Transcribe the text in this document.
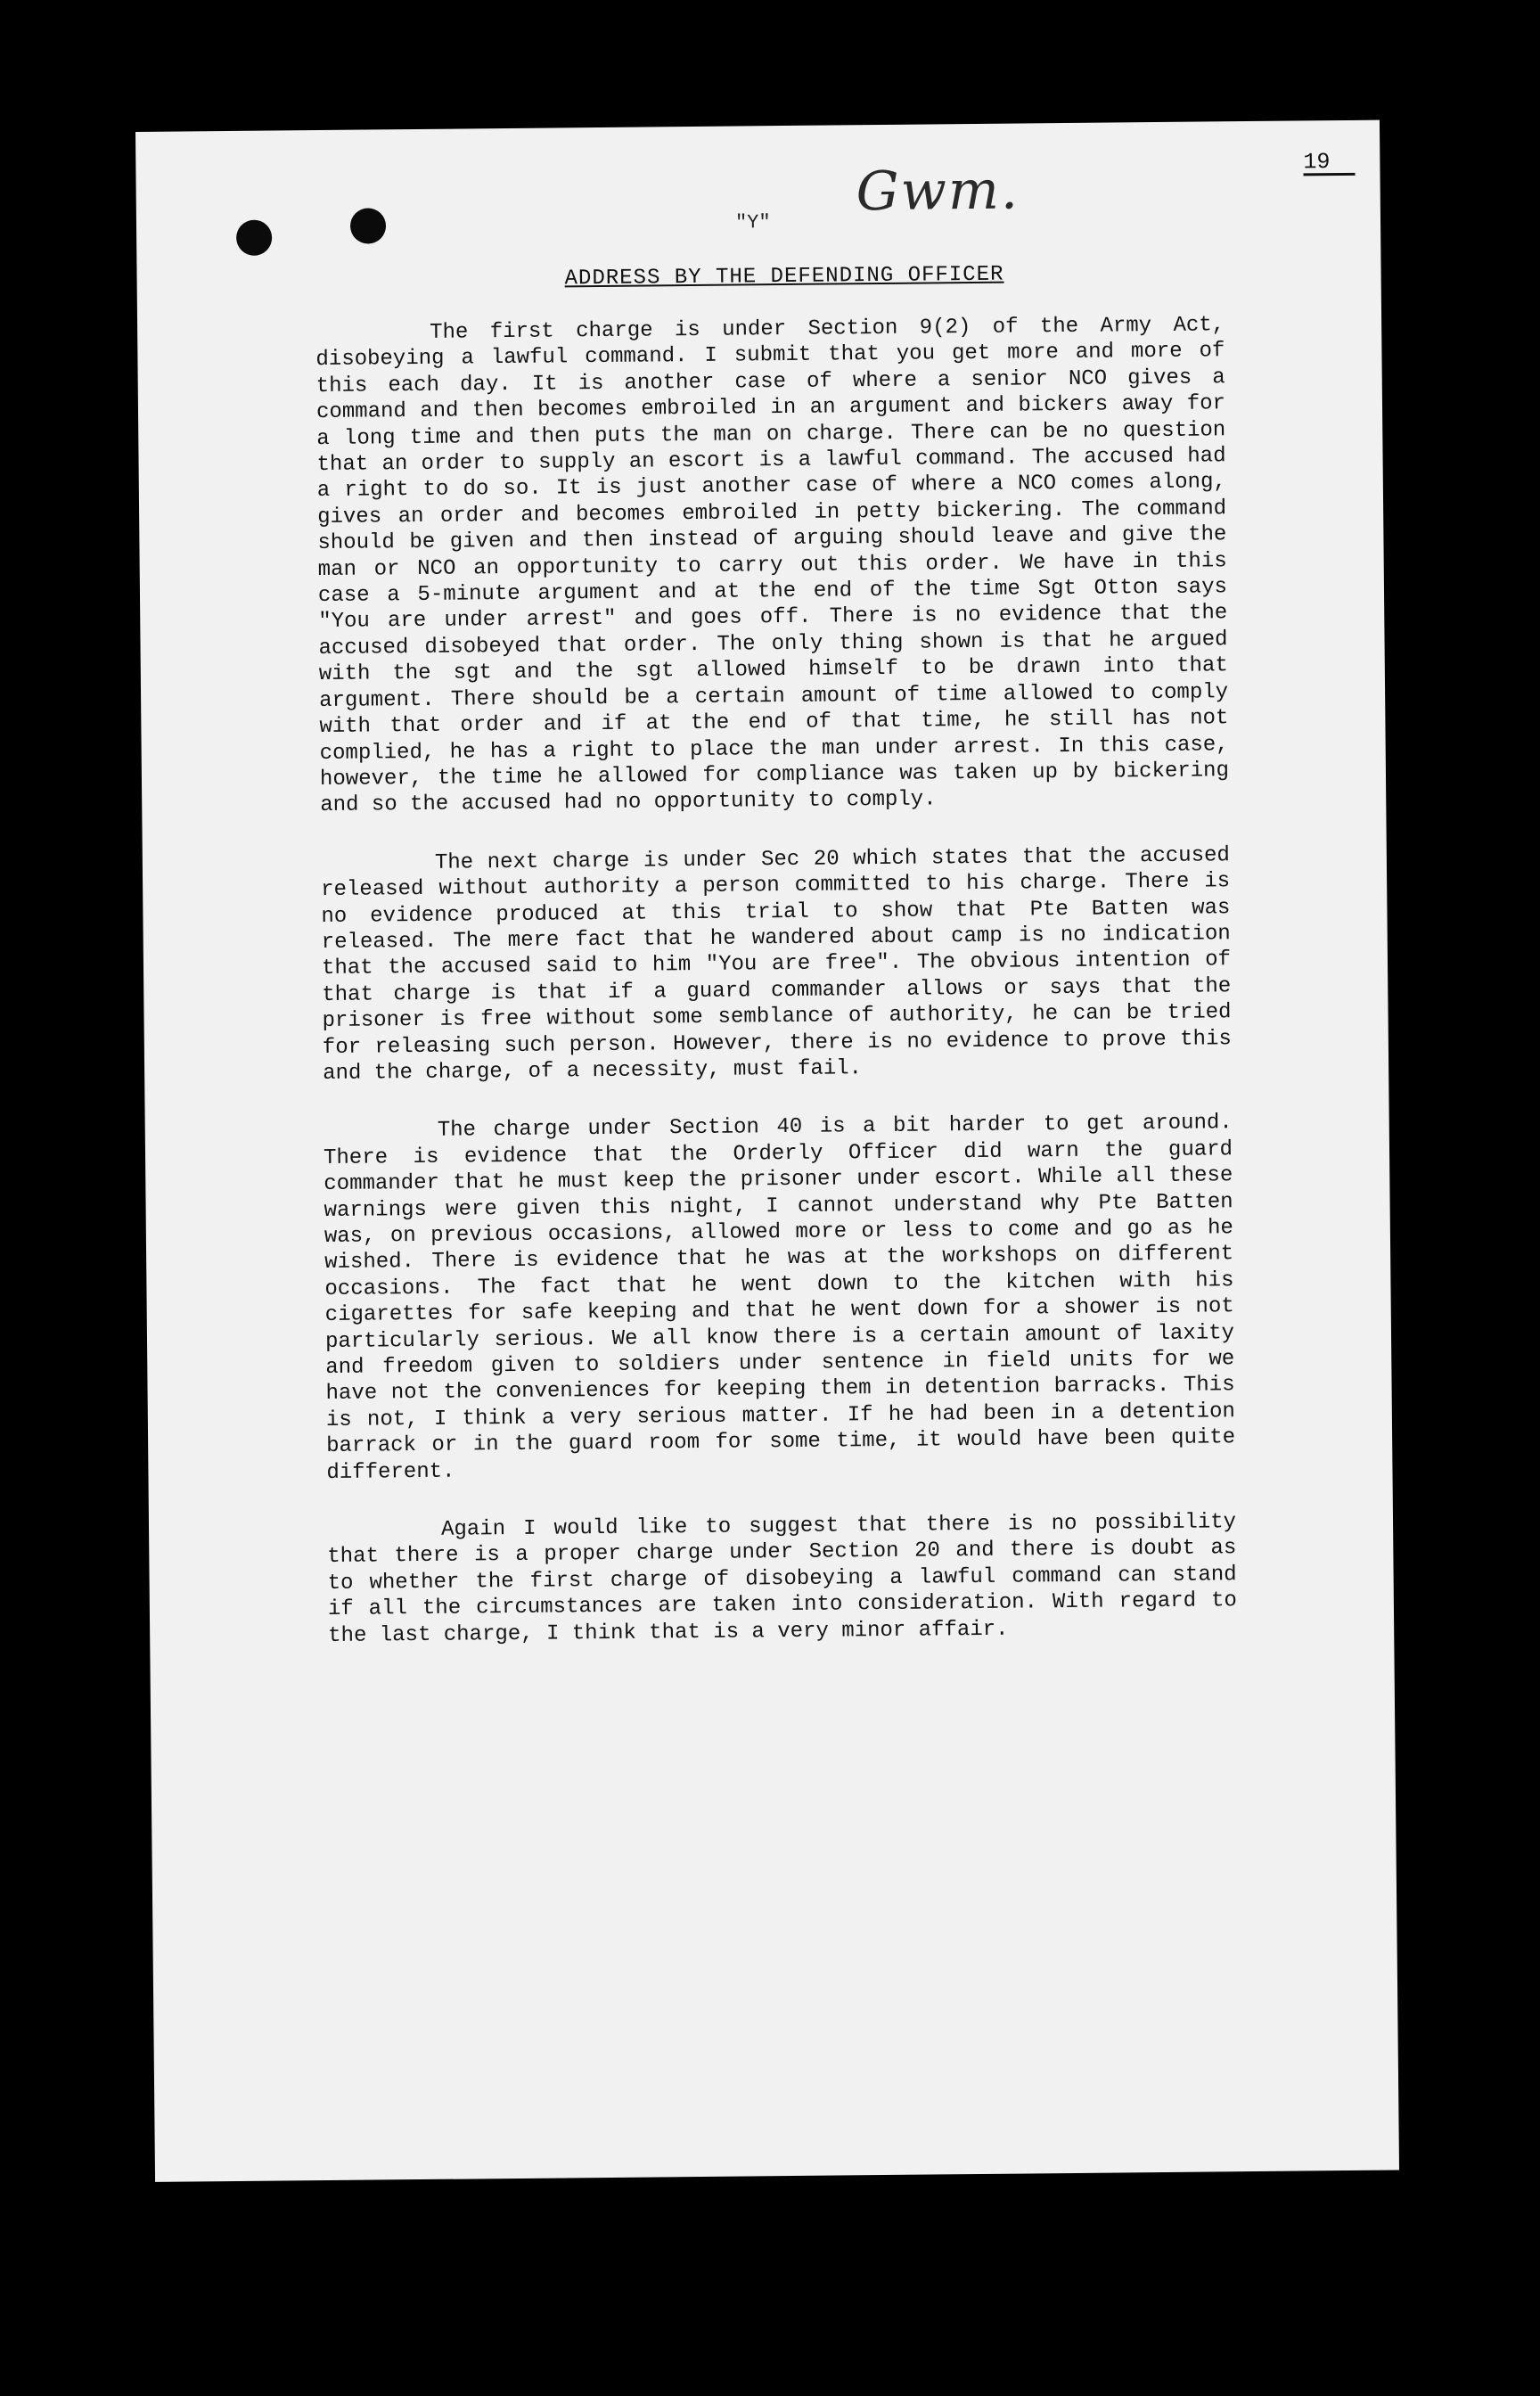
19
Gwm.
"Y"
ADDRESS BY THE DEFENDING OFFICER

The first charge is under Section 9(2) of the Army Act, disobeying a lawful command. I submit that you get more and more of this each day. It is another case of where a senior NCO gives a command and then becomes embroiled in an argument and bickers away for a long time and then puts the man on charge. There can be no question that an order to supply an escort is a lawful command. The accused had a right to do so. It is just another case of where a NCO comes along, gives an order and becomes embroiled in petty bickering. The command should be given and then instead of arguing should leave and give the man or NCO an opportunity to carry out this order. We have in this case a 5-minute argument and at the end of the time Sgt Otton says "You are under arrest" and goes off. There is no evidence that the accused disobeyed that order. The only thing shown is that he argued with the sgt and the sgt allowed himself to be drawn into that argument. There should be a certain amount of time allowed to comply with that order and if at the end of that time, he still has not complied, he has a right to place the man under arrest. In this case, however, the time he allowed for compliance was taken up by bickering and so the accused had no opportunity to comply.

The next charge is under Sec 20 which states that the accused released without authority a person committed to his charge. There is no evidence produced at this trial to show that Pte Batten was released. The mere fact that he wandered about camp is no indication that the accused said to him "You are free". The obvious intention of that charge is that if a guard commander allows or says that the prisoner is free without some semblance of authority, he can be tried for releasing such person. However, there is no evidence to prove this and the charge, of a necessity, must fail.

The charge under Section 40 is a bit harder to get around. There is evidence that the Orderly Officer did warn the guard commander that he must keep the prisoner under escort. While all these warnings were given this night, I cannot understand why Pte Batten was, on previous occasions, allowed more or less to come and go as he wished. There is evidence that he was at the workshops on different occasions. The fact that he went down to the kitchen with his cigarettes for safe keeping and that he went down for a shower is not particularly serious. We all know there is a certain amount of laxity and freedom given to soldiers under sentence in field units for we have not the conveniences for keeping them in detention barracks. This is not, I think a very serious matter. If he had been in a detention barrack or in the guard room for some time, it would have been quite different.

Again I would like to suggest that there is no possibility that there is a proper charge under Section 20 and there is doubt as to whether the first charge of disobeying a lawful command can stand if all the circumstances are taken into consideration. With regard to the last charge, I think that is a very minor affair.
